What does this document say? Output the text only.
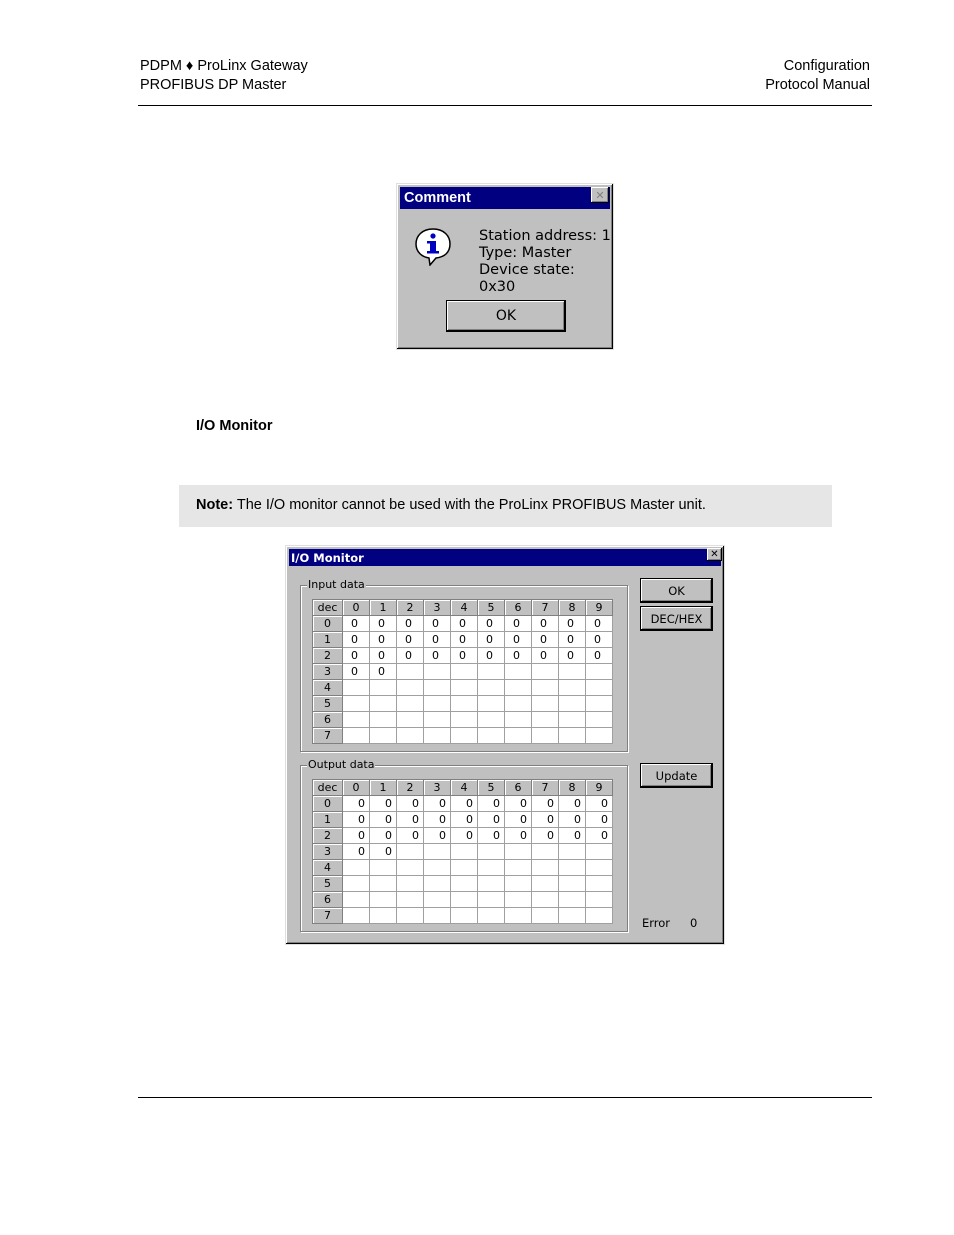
PDPM ♦ ProLinx Gateway
PROFIBUS DP Master
Configuration
Protocol Manual
Comment	✕
Station address: 1
Type: Master
Device state: 0x30
OK
I/O Monitor
Note: The I/O monitor cannot be used with the ProLinx PROFIBUS Master unit.
I/O Monitor	✕
Input data
dec	0	1	2	3	4	5	6	7	8	9
0	0	0	0	0	0	0	0	0	0	0
1	0	0	0	0	0	0	0	0	0	0
2	0	0	0	0	0	0	0	0	0	0
3	0	0								
4										
5										
6										
7										
Output data
dec	0	1	2	3	4	5	6	7	8	9
0	0	0	0	0	0	0	0	0	0	0
1	0	0	0	0	0	0	0	0	0	0
2	0	0	0	0	0	0	0	0	0	0
3	0	0								
4										
5										
6										
7										
OK
DEC/HEX
Update
Error 0
